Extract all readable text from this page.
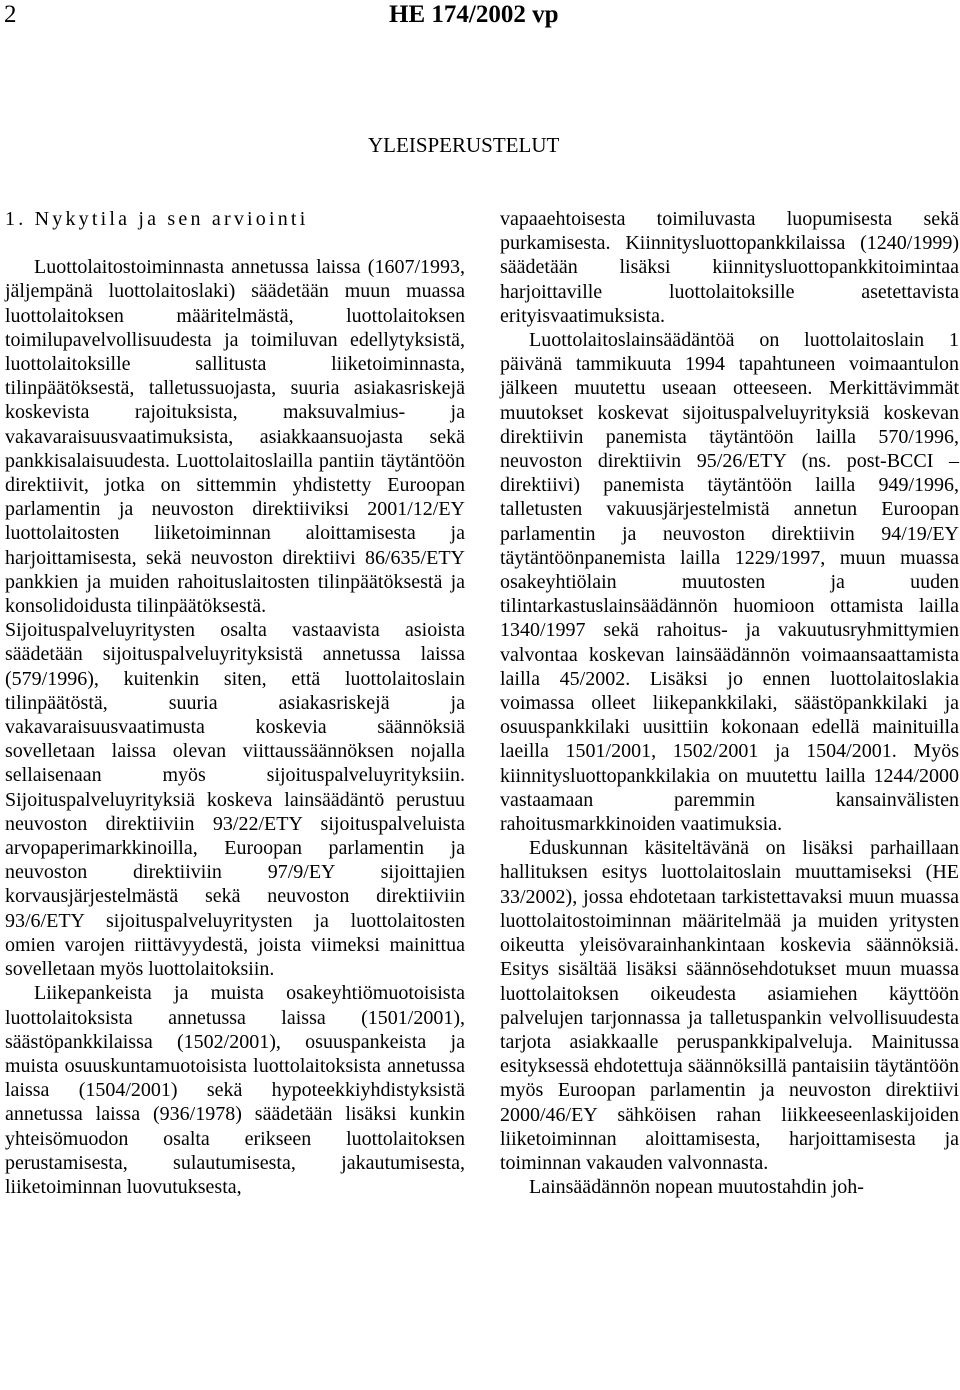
2	HE 174/2002 vp
YLEISPERUSTELUT
1. Nykytila ja sen arviointi

Luottolaitostoiminnasta annetussa laissa (1607/1993, jäljempänä luottolaitoslaki) säädetään muun muassa luottolaitoksen määritelmästä, luottolaitoksen toimilupavelvollisuudesta ja toimiluvan edellytyksistä, luottolaitoksille sallitusta liiketoiminnasta, tilinpäätöksestä, talletussuojasta, suuria asiakasriskejä koskevista rajoituksista, maksuvalmius- ja vakavaraisuusvaatimuksista, asiakkaansuojasta sekä pankkisalaisuudesta. Luottolaitoslailla pantiin täytäntöön direktiivit, jotka on sittemmin yhdistetty Euroopan parlamentin ja neuvoston direktiiviksi 2001/12/EY luottolaitosten liiketoiminnan aloittamisesta ja harjoittamisesta, sekä neuvoston direktiivi 86/635/ETY pankkien ja muiden rahoituslaitosten tilinpäätöksestä ja konsolidoidusta tilinpäätöksestä.

Sijoituspalveluyritysten osalta vastaavista asioista säädetään sijoituspalveluyrityksistä annetussa laissa (579/1996), kuitenkin siten, että luottolaitoslain tilinpäätöstä, suuria asiakasriskejä ja vakavaraisuusvaatimusta koskevia säännöksiä sovelletaan laissa olevan viittaussäännöksen nojalla sellaisenaan myös sijoituspalveluyrityksiin. Sijoituspalveluyrityksiä koskeva lainsäädäntö perustuu neuvoston direktiiviin 93/22/ETY sijoituspalveluista arvopaperimarkkinoilla, Euroopan parlamentin ja neuvoston direktiiviin 97/9/EY sijoittajien korvausjärjestelmästä sekä neuvoston direktiiviin 93/6/ETY sijoituspalveluyritysten ja luottolaitosten omien varojen riittävyydestä, joista viimeksi mainittua sovelletaan myös luottolaitoksiin.

Liikepankeista ja muista osakeyhtiömuotoisista luottolaitoksista annetussa laissa (1501/2001), säästöpankkilaissa (1502/2001), osuuspankeista ja muista osuuskuntamuotoisista luottolaitoksista annetussa laissa (1504/2001) sekä hypoteekkiyhdistyksistä annetussa laissa (936/1978) säädetään lisäksi kunkin yhteisömuodon osalta erikseen luottolaitoksen perustamisesta, sulautumisesta, jakautumisesta, liiketoiminnan luovutuksesta,

vapaaehtoisesta toimiluvasta luopumisesta sekä purkamisesta. Kiinnitysluottopankkilaissa (1240/1999) säädetään lisäksi kiinnitysluottopankkitoimintaa harjoittaville luottolaitoksille asetettavista erityisvaatimuksista.

Luottolaitoslainsäädäntöä on luottolaitoslain 1 päivänä tammikuuta 1994 tapahtuneen voimaantulon jälkeen muutettu useaan otteeseen. Merkittävimmät muutokset koskevat sijoituspalveluyrityksiä koskevan direktiivin panemista täytäntöön lailla 570/1996, neuvoston direktiivin 95/26/ETY (ns. post-BCCI –direktiivi) panemista täytäntöön lailla 949/1996, talletusten vakuusjärjestelmistä annetun Euroopan parlamentin ja neuvoston direktiivin 94/19/EY täytäntöönpanemista lailla 1229/1997, muun muassa osakeyhtiölain muutosten ja uuden tilintarkastuslainsäädännön huomioon ottamista lailla 1340/1997 sekä rahoitus- ja vakuutusryhmittymien valvontaa koskevan lainsäädännön voimaansaattamista lailla 45/2002. Lisäksi jo ennen luottolaitoslakia voimassa olleet liikepankkilaki, säästöpankkilaki ja osuuspankkilaki uusittiin kokonaan edellä mainituilla laeilla 1501/2001, 1502/2001 ja 1504/2001. Myös kiinnitysluottopankkilakia on muutettu lailla 1244/2000 vastaamaan paremmin kansainvälisten rahoitusmarkkinoiden vaatimuksia.

Eduskunnan käsiteltävänä on lisäksi parhaillaan hallituksen esitys luottolaitoslain muuttamiseksi (HE 33/2002), jossa ehdotetaan tarkistettavaksi muun muassa luottolaitostoiminnan määritelmää ja muiden yritysten oikeutta yleisövarainhankintaan koskevia säännöksiä. Esitys sisältää lisäksi säännösehdotukset muun muassa luottolaitoksen oikeudesta asiamiehen käyttöön palvelujen tarjonnassa ja talletuspankin velvollisuudesta tarjota asiakkaalle peruspankkipalveluja. Mainitussa esityksessä ehdotettuja säännöksillä pantaisiin täytäntöön myös Euroopan parlamentin ja neuvoston direktiivi 2000/46/EY sähköisen rahan liikkeeseenlaskijoiden liiketoiminnan aloittamisesta, harjoittamisesta ja toiminnan vakauden valvonnasta.

Lainsäädännön nopean muutostahdin joh-
